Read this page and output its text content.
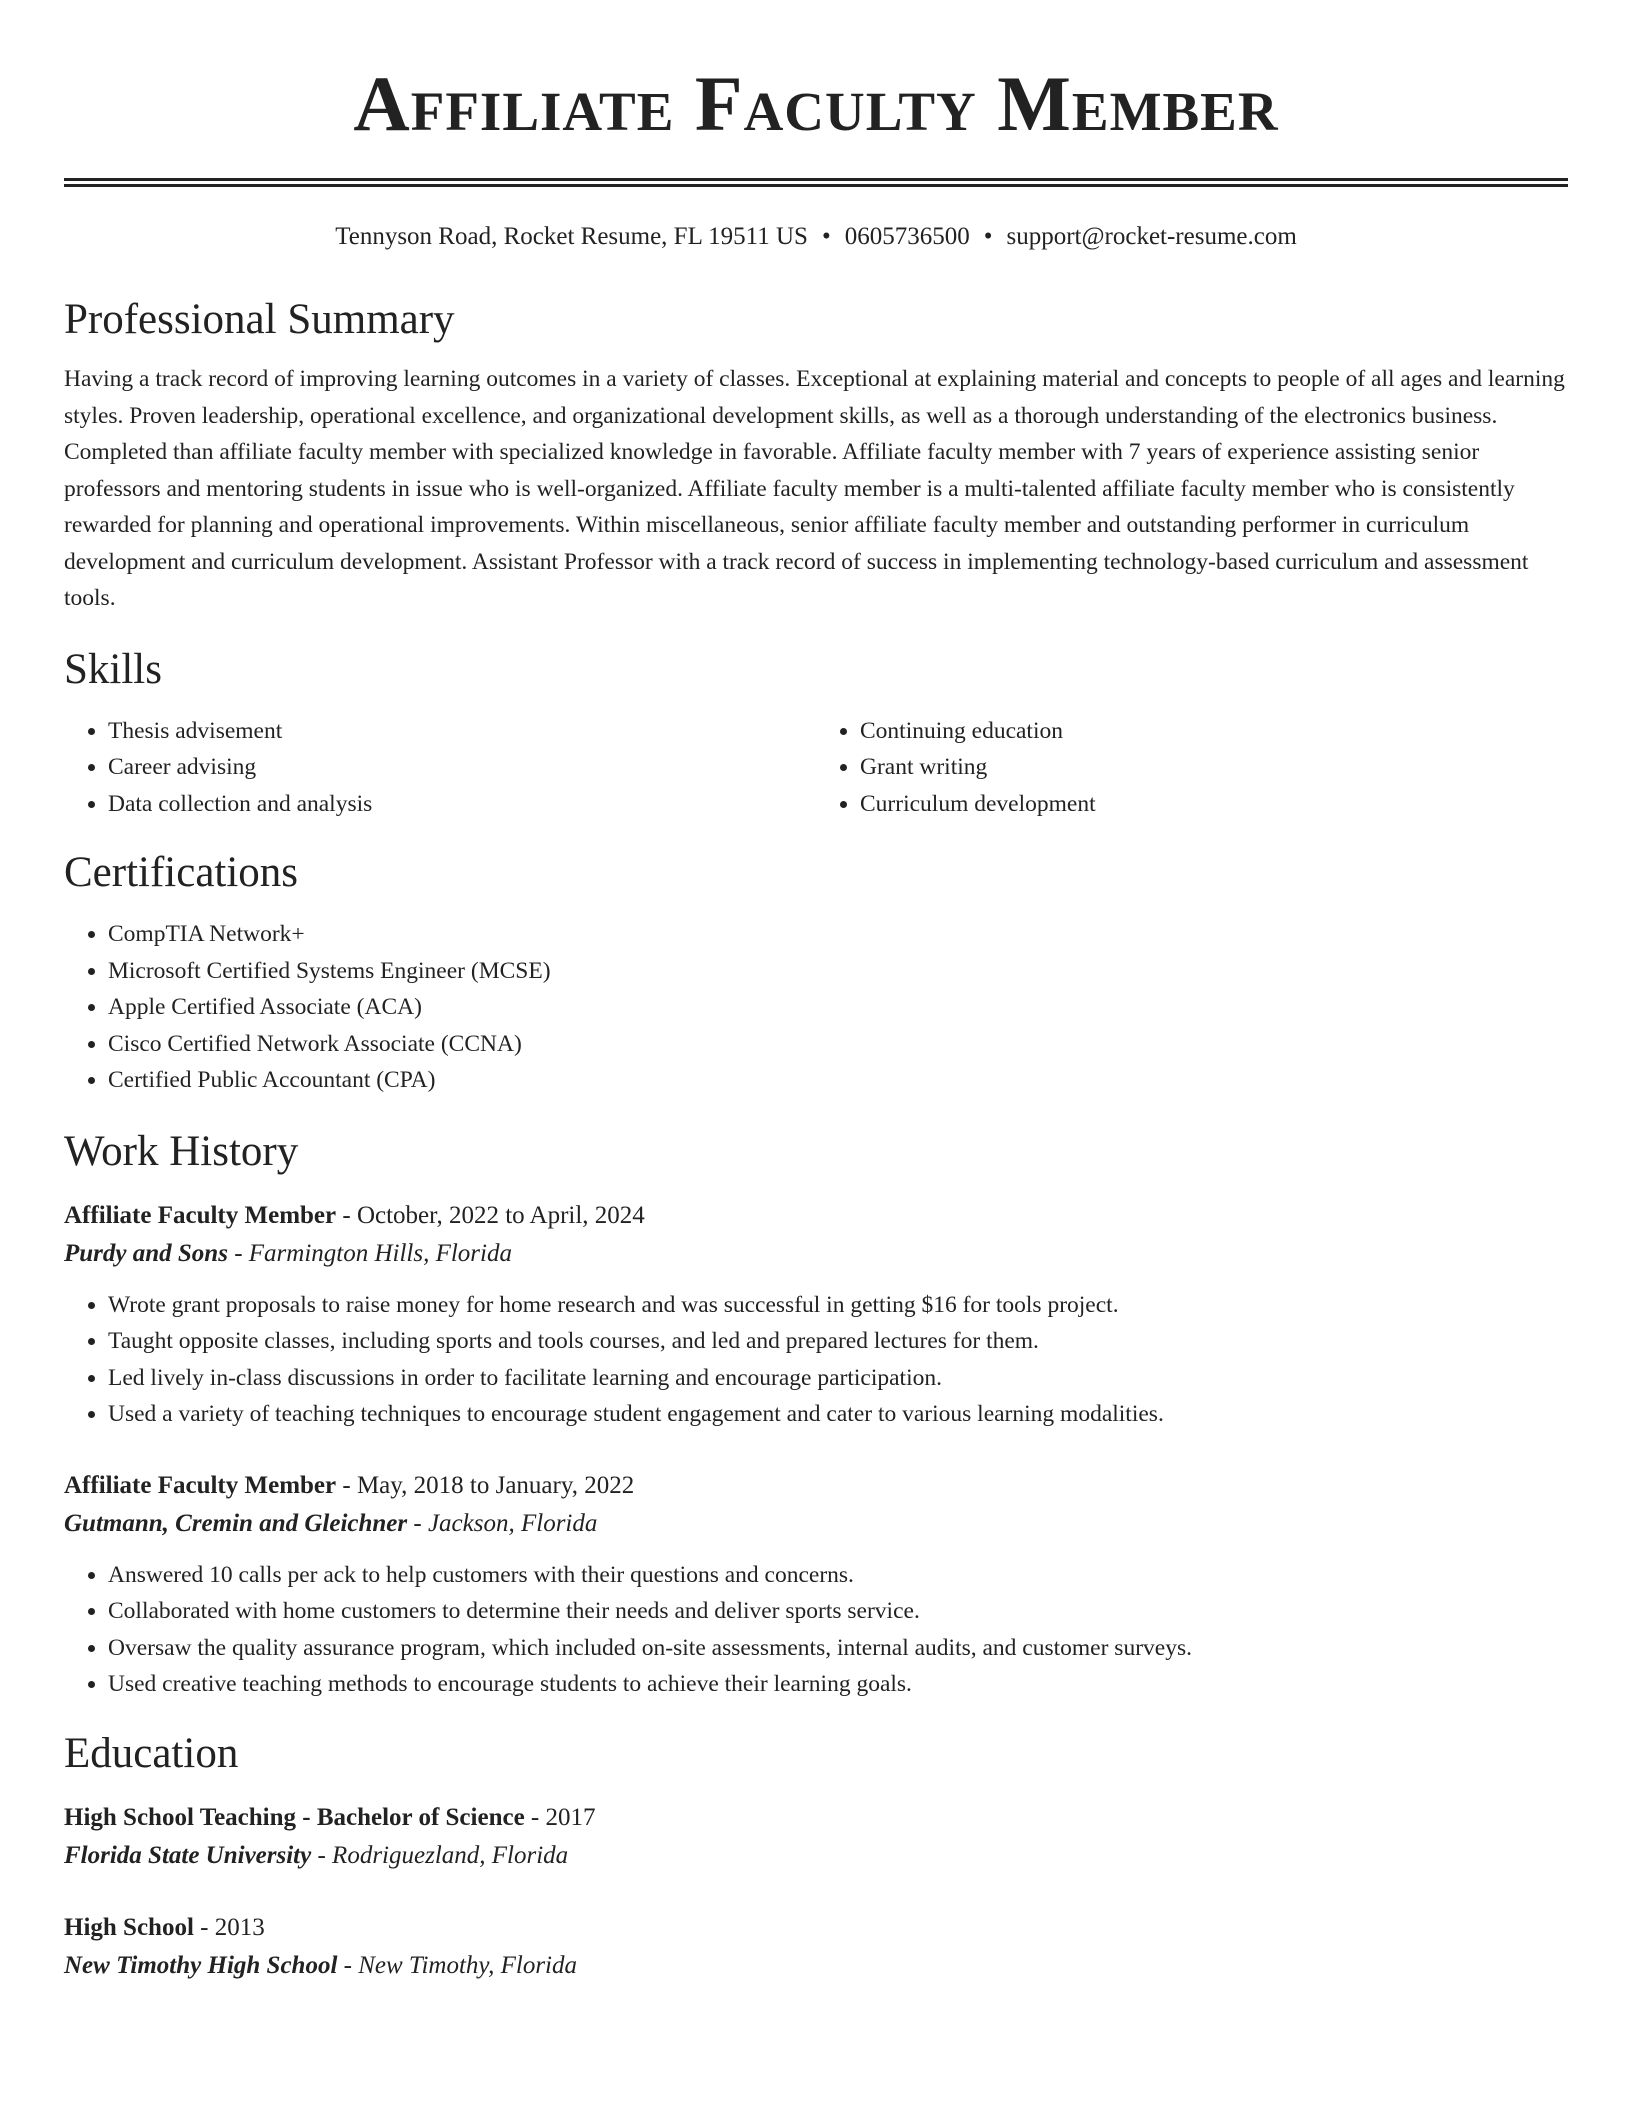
Affiliate Faculty Member
Tennyson Road, Rocket Resume, FL 19511 US • 0605736500 • support@rocket-resume.com
Professional Summary

Having a track record of improving learning outcomes in a variety of classes. Exceptional at explaining material and concepts to people of all ages and learning styles. Proven leadership, operational excellence, and organizational development skills, as well as a thorough understanding of the electronics business. Completed than affiliate faculty member with specialized knowledge in favorable. Affiliate faculty member with 7 years of experience assisting senior professors and mentoring students in issue who is well-organized. Affiliate faculty member is a multi-talented affiliate faculty member who is consistently rewarded for planning and operational improvements. Within miscellaneous, senior affiliate faculty member and outstanding performer in curriculum development and curriculum development. Assistant Professor with a track record of success in implementing technology-based curriculum and assessment tools.

Skills
• Thesis advisement
• Career advising
• Data collection and analysis
• Continuing education
• Grant writing
• Curriculum development
Certifications
• CompTIA Network+
• Microsoft Certified Systems Engineer (MCSE)
• Apple Certified Associate (ACA)
• Cisco Certified Network Associate (CCNA)
• Certified Public Accountant (CPA)
Work History
Affiliate Faculty Member - October, 2022 to April, 2024
Purdy and Sons - Farmington Hills, Florida
• Wrote grant proposals to raise money for home research and was successful in getting $16 for tools project.
• Taught opposite classes, including sports and tools courses, and led and prepared lectures for them.
• Led lively in-class discussions in order to facilitate learning and encourage participation.
• Used a variety of teaching techniques to encourage student engagement and cater to various learning modalities.
Affiliate Faculty Member - May, 2018 to January, 2022
Gutmann, Cremin and Gleichner - Jackson, Florida
• Answered 10 calls per ack to help customers with their questions and concerns.
• Collaborated with home customers to determine their needs and deliver sports service.
• Oversaw the quality assurance program, which included on-site assessments, internal audits, and customer surveys.
• Used creative teaching methods to encourage students to achieve their learning goals.
Education
High School Teaching - Bachelor of Science - 2017
Florida State University - Rodriguezland, Florida
High School - 2013
New Timothy High School - New Timothy, Florida
